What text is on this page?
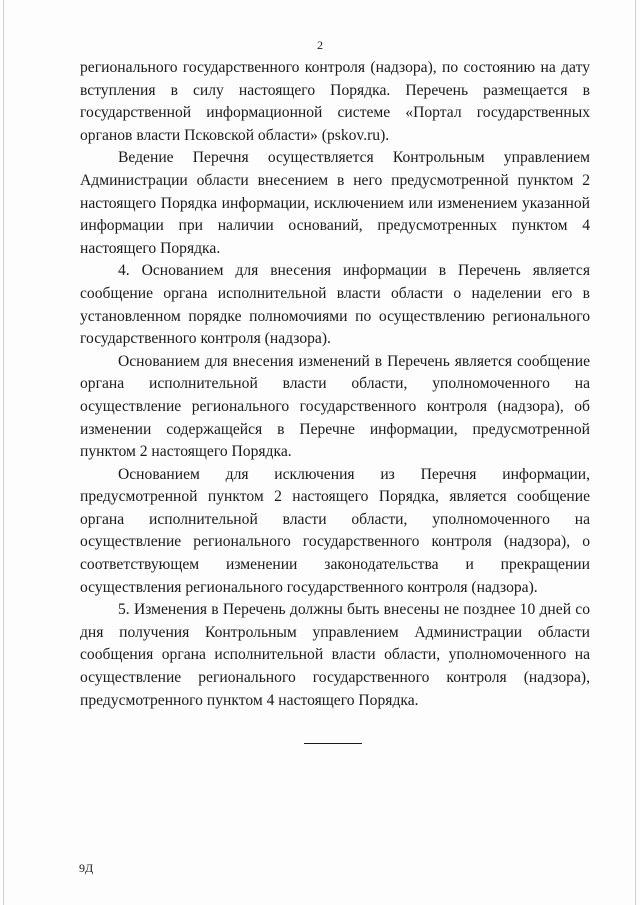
2

регионального государственного контроля (надзора), по состоянию на дату вступления в силу настоящего Порядка. Перечень размещается в государственной информационной системе «Портал государственных органов власти Псковской области» (pskov.ru).

Ведение Перечня осуществляется Контрольным управлением Администрации области внесением в него предусмотренной пунктом 2 настоящего Порядка информации, исключением или изменением указанной информации при наличии оснований, предусмотренных пунктом 4 настоящего Порядка.

4. Основанием для внесения информации в Перечень является сообщение органа исполнительной власти области о наделении его в установленном порядке полномочиями по осуществлению регионального государственного контроля (надзора).

Основанием для внесения изменений в Перечень является сообщение органа исполнительной власти области, уполномоченного на осуществление регионального государственного контроля (надзора), об изменении содержащейся в Перечне информации, предусмотренной пунктом 2 настоящего Порядка.

Основанием для исключения из Перечня информации, предусмотренной пунктом 2 настоящего Порядка, является сообщение органа исполнительной власти области, уполномоченного на осуществление регионального государственного контроля (надзора), о соответствующем изменении законодательства и прекращении осуществления регионального государственного контроля (надзора).

5. Изменения в Перечень должны быть внесены не позднее 10 дней со дня получения Контрольным управлением Администрации области сообщения органа исполнительной власти области, уполномоченного на осуществление регионального государственного контроля (надзора), предусмотренного пунктом 4 настоящего Порядка.

9Д
